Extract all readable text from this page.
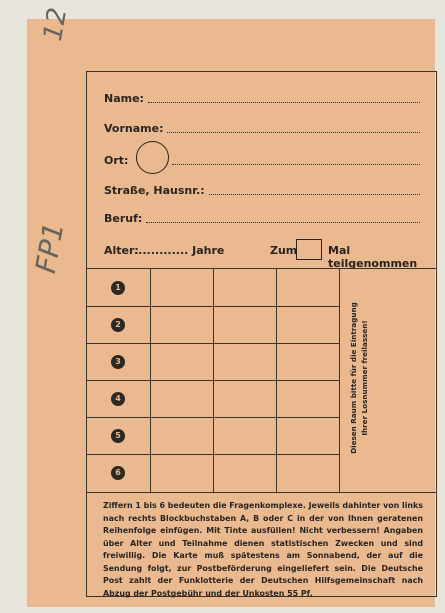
Name:
Vorname:
Ort:
Straße, Hausnr.:
Beruf:
Alter:
............. Jahre	Zum	Mal teilgenommen
1
2
3
4
5
6
Diesen Raum bitte für die Eintragung Ihrer Losnummer freilassen!

Ziffern 1 bis 6 bedeuten die Fragenkomplexe. Jeweils dahinter von links nach rechts Blockbuchstaben A, B oder C in der von Ihnen geratenen Reihenfolge einfügen. Mit Tinte ausfüllen! Nicht verbessern! Angaben über Alter und Teilnahme dienen statistischen Zwecken und sind freiwillig. Die Karte muß spätestens am Sonnabend, der auf die Sendung folgt, zur Postbeförderung eingeliefert sein. Die Deutsche Post zahlt der Funklotterie der Deutschen Hilfsgemeinschaft nach Abzug der Postgebühr und der Unkosten 55 Pf.

12
FP1
